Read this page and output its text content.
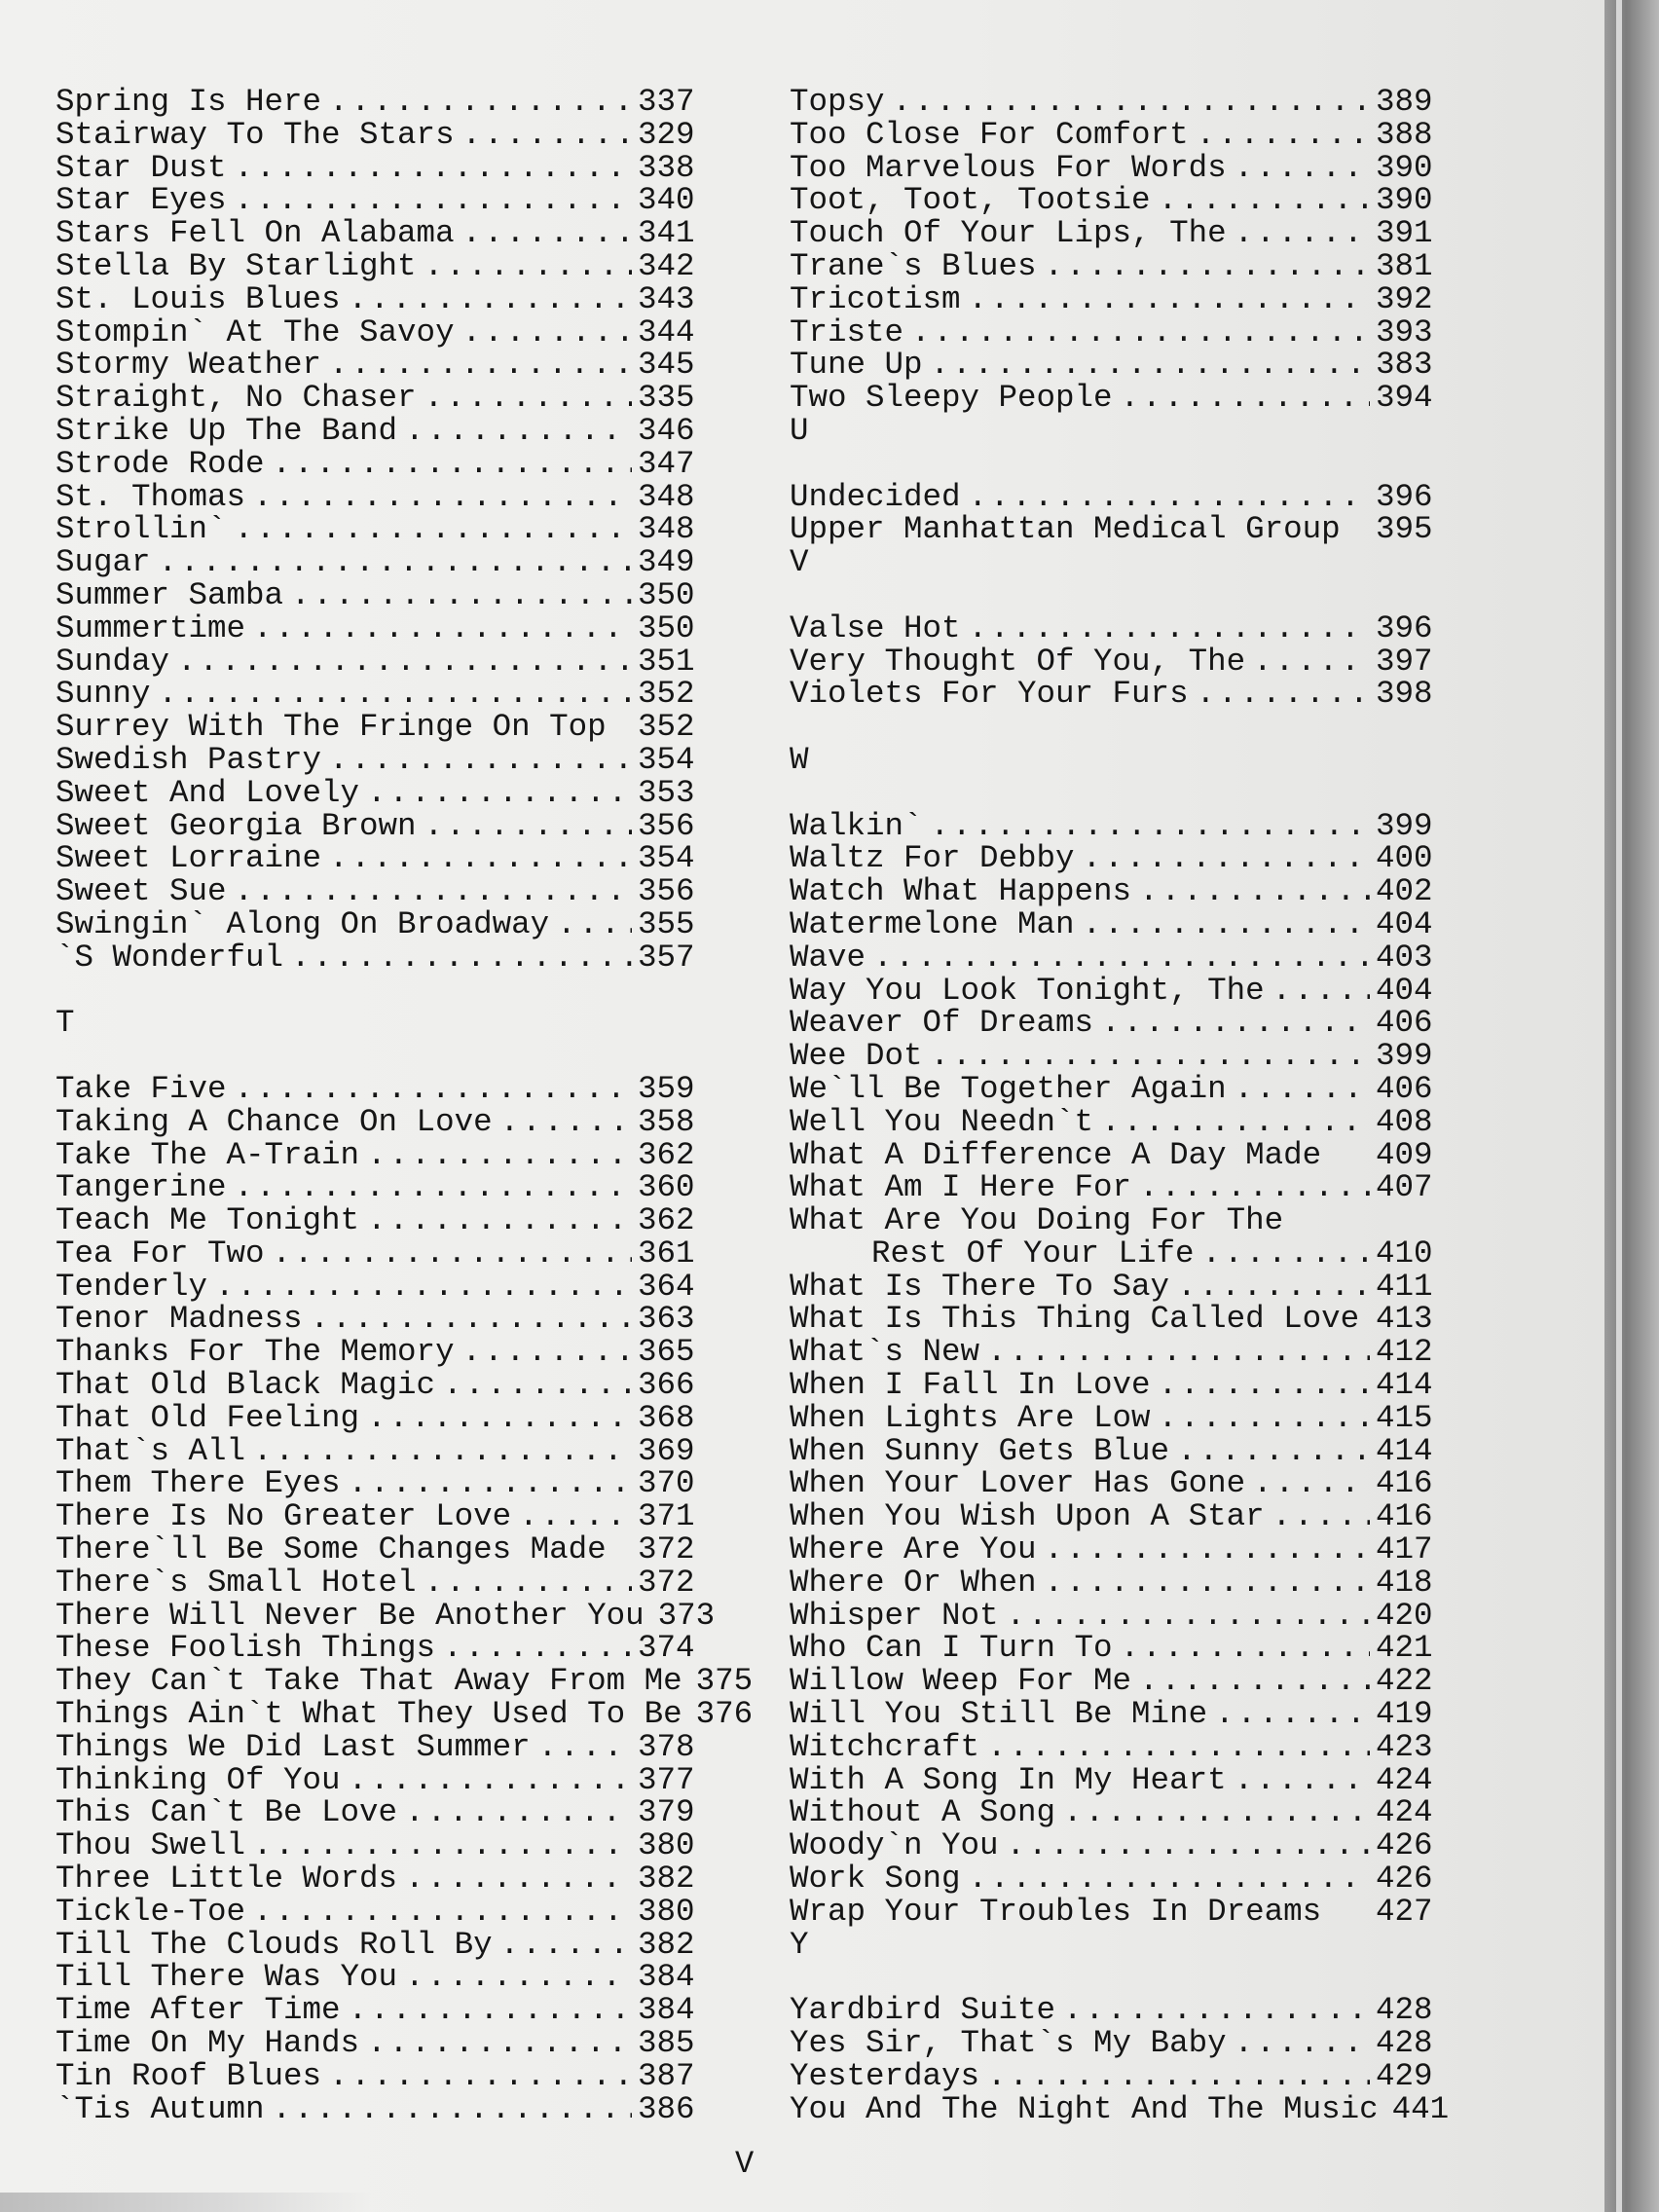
Spring Is Here .....	337
Stairway To The Stars .....	329
Star Dust .....	338
Star Eyes .....	340
Stars Fell On Alabama .....	341
Stella By Starlight .....	342
St. Louis Blues .....	343
Stompin` At The Savoy .....	344
Stormy Weather .....	345
Straight, No Chaser .....	335
Strike Up The Band .....	346
Strode Rode .....	347
St. Thomas .....	348
Strollin` .....	348
Sugar .....	349
Summer Samba .....	350
Summertime .....	350
Sunday .....	351
Sunny .....	352
Surrey With The Fringe On Top 352
Swedish Pastry .....	354
Sweet And Lovely .....	353
Sweet Georgia Brown .....	356
Sweet Lorraine .....	354
Sweet Sue .....	356
Swingin` Along On Broadway .....	355
`S Wonderful .....	357
T
Take Five .....	359
Taking A Chance On Love .....	358
Take The A-Train .....	362
Tangerine .....	360
Teach Me Tonight .....	362
Tea For Two .....	361
Tenderly .....	364
Tenor Madness .....	363
Thanks For The Memory .....	365
That Old Black Magic .....	366
That Old Feeling .....	368
That`s All .....	369
Them There Eyes .....	370
There Is No Greater Love .....	371
There`ll Be Some Changes Made 372
There`s Small Hotel .....	372
There Will Never Be Another You 373
These Foolish Things .....	374
They Can`t Take That Away From Me 375
Things Ain`t What They Used To Be 376
Things We Did Last Summer .....	378
Thinking Of You .....	377
This Can`t Be Love .....	379
Thou Swell .....	380
Three Little Words .....	382
Tickle-Toe .....	380
Till The Clouds Roll By .....	382
Till There Was You .....	384
Time After Time .....	384
Time On My Hands .....	385
Tin Roof Blues .....	387
`Tis Autumn .....	386
Topsy .....	389
Too Close For Comfort .....	388
Too Marvelous For Words .....	390
Toot, Toot, Tootsie .....	390
Touch Of Your Lips, The .....	391
Trane`s Blues .....	381
Tricotism .....	392
Triste .....	393
Tune Up .....	383
Two Sleepy People .....	394
U
Undecided .....	396
Upper Manhattan Medical Group 395
V
Valse Hot .....	396
Very Thought Of You, The .....	397
Violets For Your Furs .....	398
W
Walkin` .....	399
Waltz For Debby .....	400
Watch What Happens .....	402
Watermelone Man .....	404
Wave .....	403
Way You Look Tonight, The .....	404
Weaver Of Dreams .....	406
Wee Dot .....	399
We`ll Be Together Again .....	406
Well You Needn`t .....	408
What A Difference A Day Made 409
What Am I Here For .....	407
What Are You Doing For The
Rest Of Your Life .....	410
What Is There To Say .....	411
What Is This Thing Called Love 413
What`s New .....	412
When I Fall In Love .....	414
When Lights Are Low .....	415
When Sunny Gets Blue .....	414
When Your Lover Has Gone .....	416
When You Wish Upon A Star .....	416
Where Are You .....	417
Where Or When .....	418
Whisper Not .....	420
Who Can I Turn To .....	421
Willow Weep For Me .....	422
Will You Still Be Mine .....	419
Witchcraft .....	423
With A Song In My Heart .....	424
Without A Song .....	424
Woody`n You .....	426
Work Song .....	426
Wrap Your Troubles In Dreams 427
Y
Yardbird Suite .....	428
Yes Sir, That`s My Baby .....	428
Yesterdays .....	429
You And The Night And The Music 441
V
